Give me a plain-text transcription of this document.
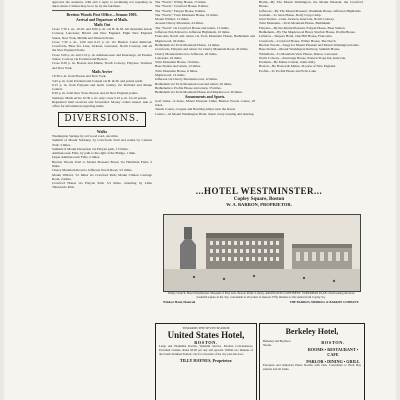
approves the sentence, with and a reply to promising not repeating as durst return. Clothes may be to be by the bursman.

Bretton Woods Post Office—Season 1903.
Arrival and Departure of Mails.
Mails Out

Close 7.30 a. m., 10.45, and 6.00 p. m. via B. & M. All mountain hotels Conway, Lancaster, Bristol and New England. Eight New England States, New York, Middle and Western States.

Close 7.30 a. m., 2.00 and 6.15 p. m. via Bretton Canal Railroad. Crawfords, Base Sta. Line, Jackson, Lancaster, North Conway, and all the New England States.

Close 3.00 p. m. and 5.10 p. m. Ammonoosuc and Kearsarge, all Eastern States; Conway via Portland and Boston.

Close 8.30 p. m. Boston and Maine, North Conway, Fabyans, Vermont and New York.

Mails Arrive

10.30 a. m. from Boston and New York.

3.45 p. m. from Portland and Canada via B. & M. and points north.

6.15 p. m. from Fabyans and north country via Portland and Maine Central.

8.30 p. m. from New York, Boston and all New England points.

Sundays: Mails arrive 10.30 a. m. only; close 5.10 p. m. for all points.

Registered mail received and forwarded. Money orders issued. Ask at office for information regarding mails.

DIVERSIONS.
Walks

Washington Springs by old wood road, one mile.

Summit of Mount Stickney, by Crawfords Trail and return by Cannon Trail, 3 miles.

Summit of Mount Deception via Fabyan path, 1.5 miles.

Ammonoosuc Falls, by path to the right of the Bridge, 1 mile.

Upper Ammonoosuc Falls, 2 miles.

Bretton Woods Trail to Mount Pleasant Brook via Harriman Field, 2 miles.

Cherry Mountain Road to Jefferson Notch Road, 3.5 miles.

Mount Willard, 3.5 miles via Crawford Path; Mount Clinton Carriage Road, 2 miles.

Crawford House via Fabyan Path, 3.5 miles, returning by Little Tabernacle Path.

The "Notch," Willey House, 15 miles.

The "Notch," Crawford House, 8 miles.

The "Notch," Fabyan House, 8 miles.

The "Notch," Twin Mountain House, 10 miles.

Mount Willard, 12 miles.

Around Cherry Mountain, 24 miles.

The "Notch" via Crawford House and return, 15 miles.

Jefferson Notch Road to Jefferson Highlands, 10 miles.

Franconia Notch and return via Twin Mountain House, Bethlehem and Maplewood, 40 miles.

Bethlehem via Twin Mountain House, 14 miles.

Crawfords, Fabyans and return via Cherry Mountain Road, 20 miles.

Cherry Mountain Road to Jefferson, 20 miles.

Lancaster, 24 miles.

Twin Mountain House, 10 miles.

Base Station and return, 12 miles.

Twin Mountain House, 6 miles.

Maplewood, 14 miles.

Jefferson via Cherry Mountain road, 12 miles.

Bethlehem via Twin Mountain road and return, 20 miles.

Bethlehem to Profile House and return, 35 miles.

Bethlehem via Twin Mountain House and Maplewood, 30 miles.

Amusements and Sports.

Golf Links—9 holes, Mount Pleasant Links; Bretton Woods course, 18 holes.

Tennis Courts, Croquet and Bowling Alleys near the hotels.

Casino—At Mount Washington Hotel, music every evening and dancing.

Berlin—By The Mount Washington, the Mount Pleasant, the Crawford House.

Jefferson—By The Mount Pleasant, Waumbek House, Jefferson Highlands.

Gorham—To Glen House, Dolly Copp Camp.

Glen Station—Glen, Jackson, Intervale, North Conway.

Twin Mountain—Twin Mountain House, Bethlehem.

Fabyans—By the Mount Pleasant, Fabyan House, Base Station.

Bethlehem—By The Maplewood Hotel, Sinclair House, Profile House.

Littleton—Thayers Hotel, Oak Hill House, Franconia.

Crawfords—Crawford House, Willey House, The Notch.

Bretton Woods—Stage for Mount Pleasant and Mount Washington hotels.

Base Station—Mount Washington Railway, Summit House.

Whitefield—To Mountain View House, Dalton, Lancaster.

North Conway—Kearsarge House, Eastern Slope Inn, Intervale.

Portland—By Maine Central, trains daily.

Boston—By Boston & Maine, all parts of New England.

Profile—To Profile House and Echo Lake.

...HOTEL WESTMINSTER...
Copley Square, Boston
W. A. BARRON, PROPRIETOR.
Trinity Church. Hotel Westminster. Museum of Fine Arts. Boston Public Library. ARLINGTON CONTINENT. SUBURBAN PLAN. Overlooking the most beautiful square in the city, convenient to all points of interest. Fifty minutes to the station from Copley Sq.
Windsor Hotel, Montreal	THE BARRON, MERRILL & BARRON COMPANY.
TOWARDS THE SEVEN SEASIDE
United States Hotel,
BOSTON.
Large and Homelike Rooms. Splendid Service. Modern Conveniences. Excellent Cuisine. Rates $3.00 per day and upward. Within two minutes of the South Terminal Station; cars for all points of the city pass the door.
TILLY HAYNES, Proprietor.
Berkeley Hotel,
Berkeley and Boylston Streets.	BOSTON.
ROOMS • RESTAURANT • CAFE
PARLOR • DINING • GRILL
European and American Plans. Rooms with bath. Convenient to Back Bay stations and all trains.
